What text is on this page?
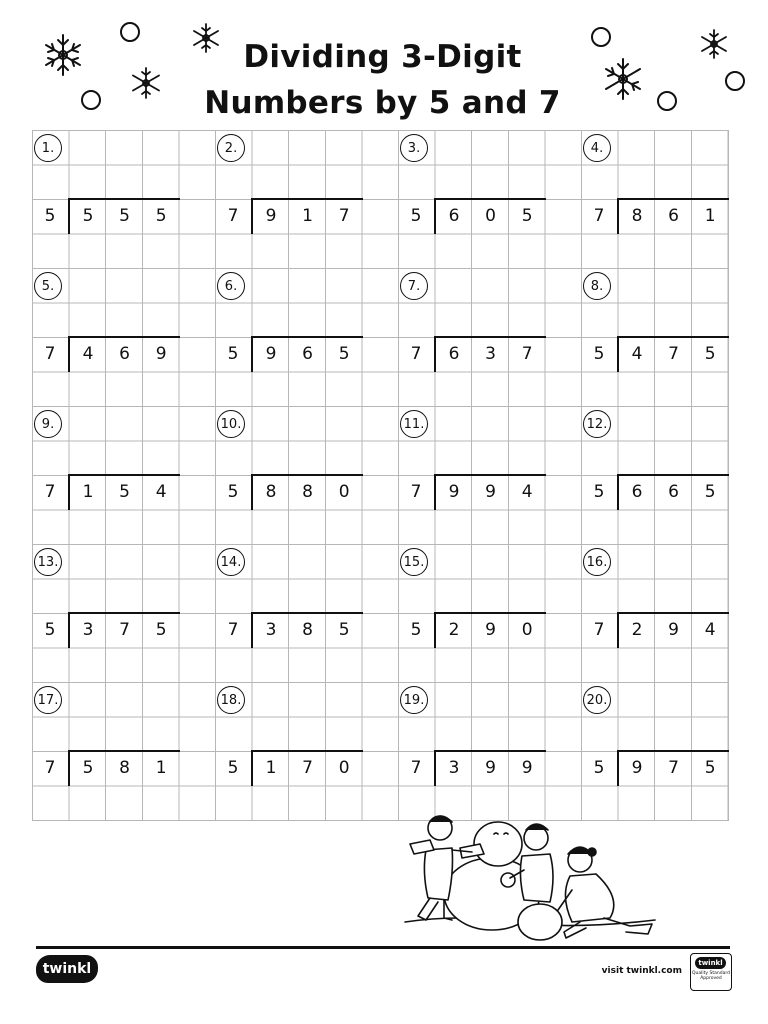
Dividing 3-Digit
Numbers by 5 and 7
1.
5	5	5	5
2.
7	9	1	7
3.
5	6	0	5
4.
7	8	6	1
5.
7	4	6	9
6.
5	9	6	5
7.
7	6	3	7
8.
5	4	7	5
9.
7	1	5	4
10.
5	8	8	0
11.
7	9	9	4
12.
5	6	6	5
13.
5	3	7	5
14.
7	3	8	5
15.
5	2	9	0
16.
7	2	9	4
17.
7	5	8	1
18.
5	1	7	0
19.
7	3	9	9
20.
5	9	7	5
twinkl	visit twinkl.com
twinkl
Quality Standard Approved
